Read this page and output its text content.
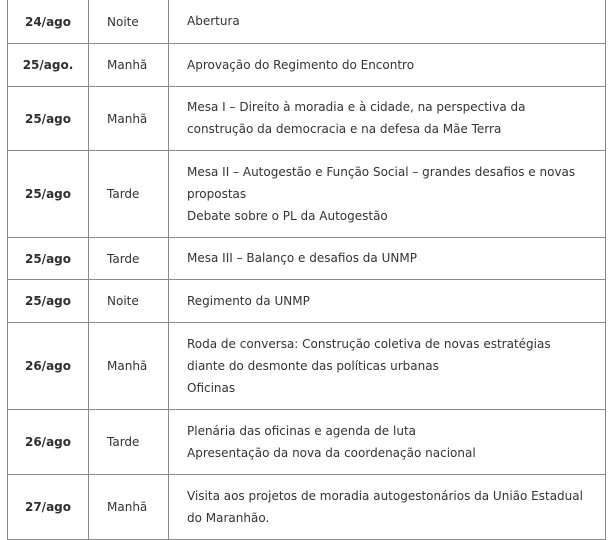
24/ago	Noite	Abertura

25/ago.	Manhã	Aprovação do Regimento do Encontro

25/ago	Manhã	Mesa I – Direito à moradia e à cidade, na perspectiva da
construção da democracia e na defesa da Mãe Terra

25/ago	Tarde	Mesa II – Autogestão e Função Social – grandes desafios e novas
propostas
Debate sobre o PL da Autogestão

25/ago	Tarde	Mesa III – Balanço e desafios da UNMP

25/ago	Noite	Regimento da UNMP

26/ago	Manhã	Roda de conversa: Construção coletiva de novas estratégias
diante do desmonte das políticas urbanas
Oficinas

26/ago	Tarde	Plenária das oficinas e agenda de luta
Apresentação da nova da coordenação nacional

27/ago	Manhã	Visita aos projetos de moradia autogestonários da União Estadual
do Maranhão.
